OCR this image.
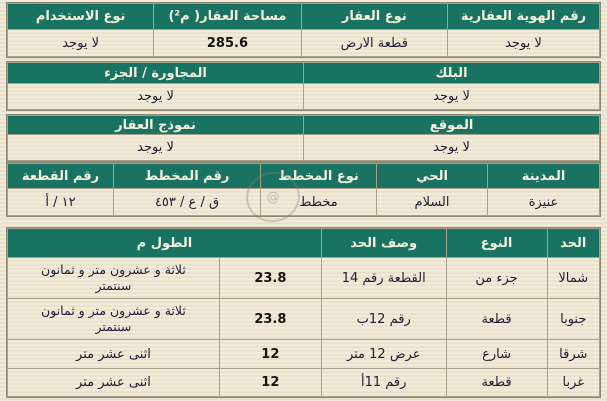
رقم الهوية العقارية
نوع العقار
مساحة العقار( م²)
نوع الاستخدام
لا يوجد
قطعة الارض
285.6
لا يوجد
البلك
المجاورة / الجزء
لا يوجد
لا يوجد
الموقع
نموذج العقار
لا يوجد
لا يوجد
المدينة
الحي
نوع المخطط
رقم المخطط
رقم القطعة
عنيزة
السلام
مخطط
ق / ع / ٤٥٣
١٢ / أ
الحد
النوع
وصف الحد
الطول م
شمالا
جزء من
القطعة رقم 14
23.8
ثلاثة و عشرون متر و ثمانون سنتمتر
جنوبا
قطعة
رقم 12ب
23.8
ثلاثة و عشرون متر و ثمانون سنتمتر
شرقا
شارع
عرض 12 متر
12
اثنى عشر متر
غربا
قطعة
رقم 11أ
12
اثنى عشر متر
@
